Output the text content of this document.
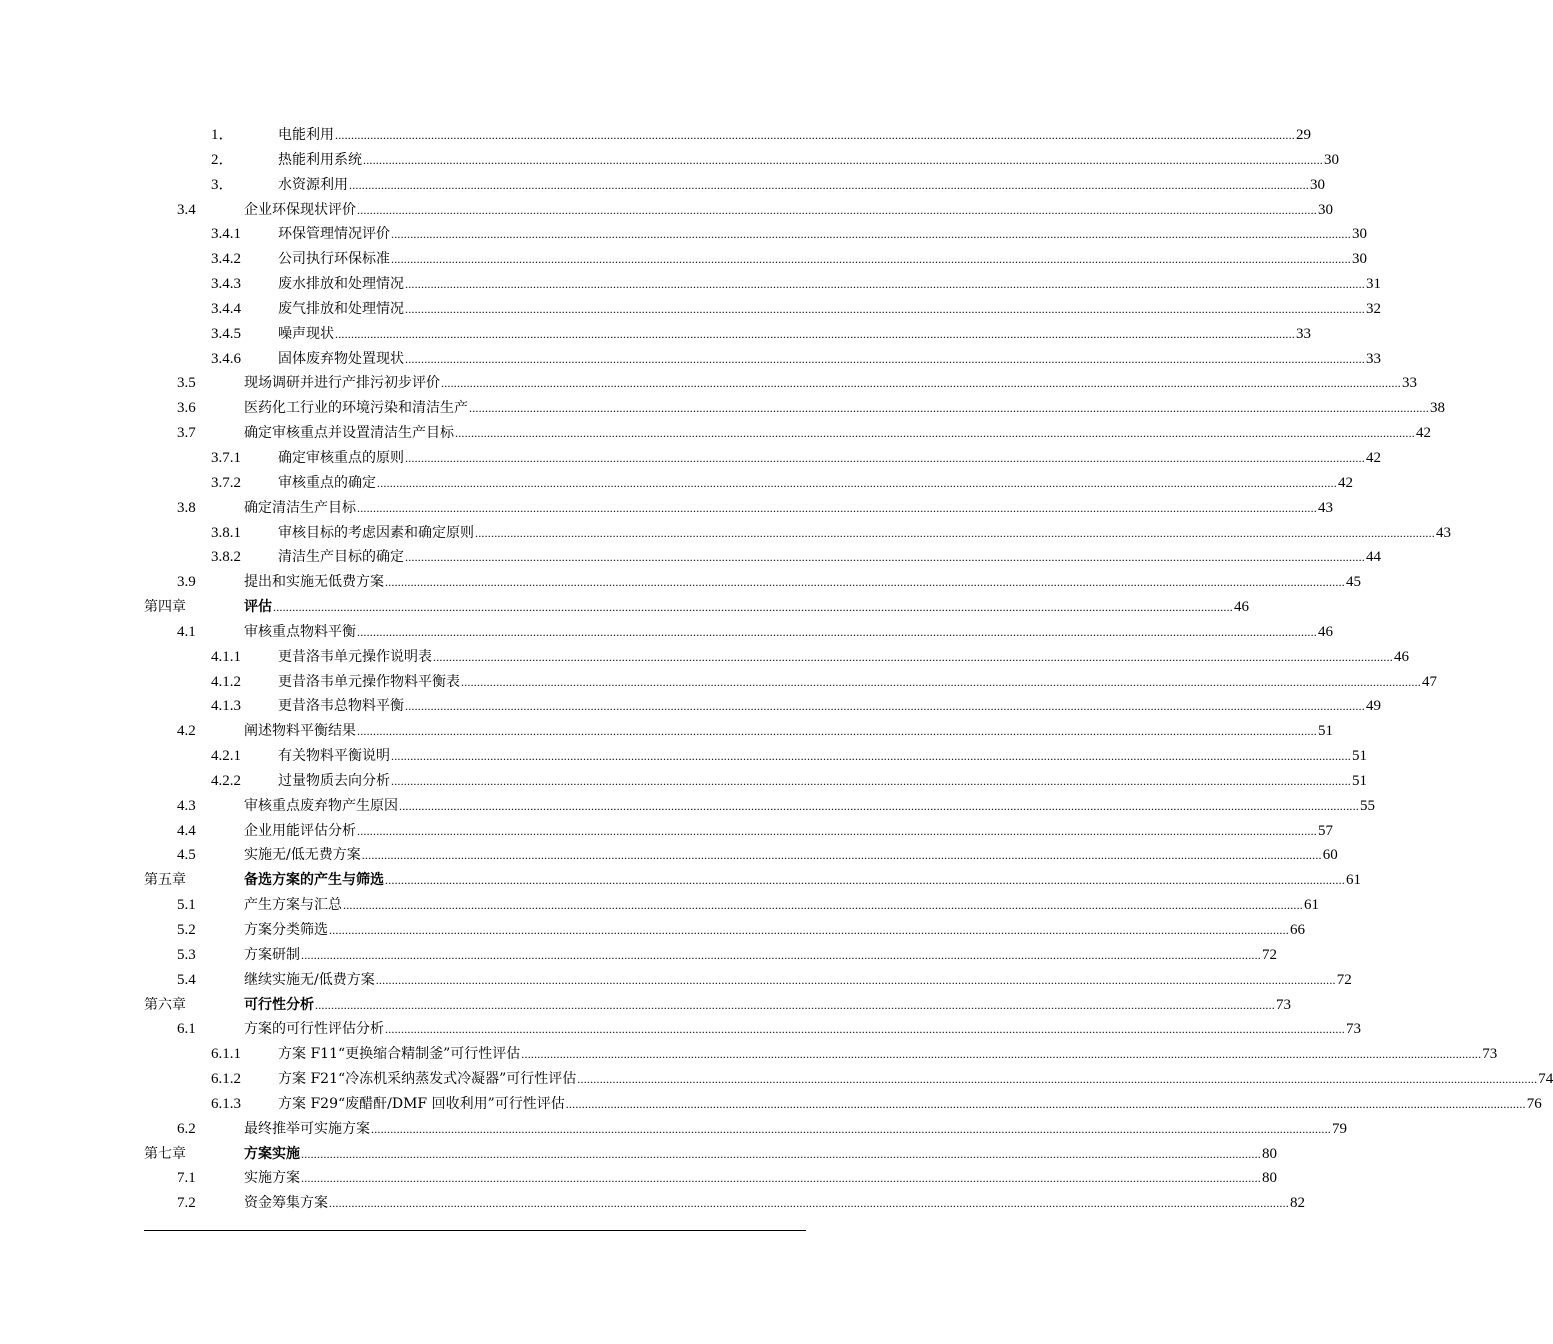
1．	电能利用 ............................................................................................................................................................................................................................................................................................................ 29
2．	热能利用系统 ............................................................................................................................................................................................................................................................................................................ 30
3．	水资源利用 ............................................................................................................................................................................................................................................................................................................ 30
3.4	企业环保现状评价 ............................................................................................................................................................................................................................................................................................................ 30
3.4.1	环保管理情况评价 ............................................................................................................................................................................................................................................................................................................ 30
3.4.2	公司执行环保标准 ............................................................................................................................................................................................................................................................................................................ 30
3.4.3	废水排放和处理情况 ............................................................................................................................................................................................................................................................................................................ 31
3.4.4	废气排放和处理情况 ............................................................................................................................................................................................................................................................................................................ 32
3.4.5	噪声现状 ............................................................................................................................................................................................................................................................................................................ 33
3.4.6	固体废弃物处置现状 ............................................................................................................................................................................................................................................................................................................ 33
3.5	现场调研并进行产排污初步评价 ............................................................................................................................................................................................................................................................................................................ 33
3.6	医药化工行业的环境污染和清洁生产 ............................................................................................................................................................................................................................................................................................................ 38
3.7	确定审核重点并设置清洁生产目标 ............................................................................................................................................................................................................................................................................................................ 42
3.7.1	确定审核重点的原则 ............................................................................................................................................................................................................................................................................................................ 42
3.7.2	审核重点的确定 ............................................................................................................................................................................................................................................................................................................ 42
3.8	确定清洁生产目标 ............................................................................................................................................................................................................................................................................................................ 43
3.8.1	审核目标的考虑因素和确定原则 ............................................................................................................................................................................................................................................................................................................ 43
3.8.2	清洁生产目标的确定 ............................................................................................................................................................................................................................................................................................................ 44
3.9	提出和实施无低费方案 ............................................................................................................................................................................................................................................................................................................ 45
第四章	评估 ............................................................................................................................................................................................................................................................................................................ 46
4.1	审核重点物料平衡 ............................................................................................................................................................................................................................................................................................................ 46
4.1.1	更昔洛韦单元操作说明表 ............................................................................................................................................................................................................................................................................................................ 46
4.1.2	更昔洛韦单元操作物料平衡表 ............................................................................................................................................................................................................................................................................................................ 47
4.1.3	更昔洛韦总物料平衡 ............................................................................................................................................................................................................................................................................................................ 49
4.2	阐述物料平衡结果 ............................................................................................................................................................................................................................................................................................................ 51
4.2.1	有关物料平衡说明 ............................................................................................................................................................................................................................................................................................................ 51
4.2.2	过量物质去向分析 ............................................................................................................................................................................................................................................................................................................ 51
4.3	审核重点废弃物产生原因 ............................................................................................................................................................................................................................................................................................................ 55
4.4	企业用能评估分析 ............................................................................................................................................................................................................................................................................................................ 57
4.5	实施无/低无费方案 ............................................................................................................................................................................................................................................................................................................ 60
第五章	备选方案的产生与筛选 ............................................................................................................................................................................................................................................................................................................ 61
5.1	产生方案与汇总 ............................................................................................................................................................................................................................................................................................................ 61
5.2	方案分类筛选 ............................................................................................................................................................................................................................................................................................................ 66
5.3	方案研制 ............................................................................................................................................................................................................................................................................................................ 72
5.4	继续实施无/低费方案 ............................................................................................................................................................................................................................................................................................................ 72
第六章	可行性分析 ............................................................................................................................................................................................................................................................................................................ 73
6.1	方案的可行性评估分析 ............................................................................................................................................................................................................................................................................................................ 73
6.1.1	方案 F11“更换缩合精制釜”可行性评估 ............................................................................................................................................................................................................................................................................................................ 73
6.1.2	方案 F21“冷冻机采纳蒸发式冷凝器”可行性评估 ............................................................................................................................................................................................................................................................................................................ 74
6.1.3	方案 F29“废醋酐/DMF 回收利用”可行性评估 ............................................................................................................................................................................................................................................................................................................ 76
6.2	最终推举可实施方案 ............................................................................................................................................................................................................................................................................................................ 79
第七章	方案实施 ............................................................................................................................................................................................................................................................................................................ 80
7.1	实施方案 ............................................................................................................................................................................................................................................................................................................ 80
7.2	资金筹集方案 ............................................................................................................................................................................................................................................................................................................ 82
